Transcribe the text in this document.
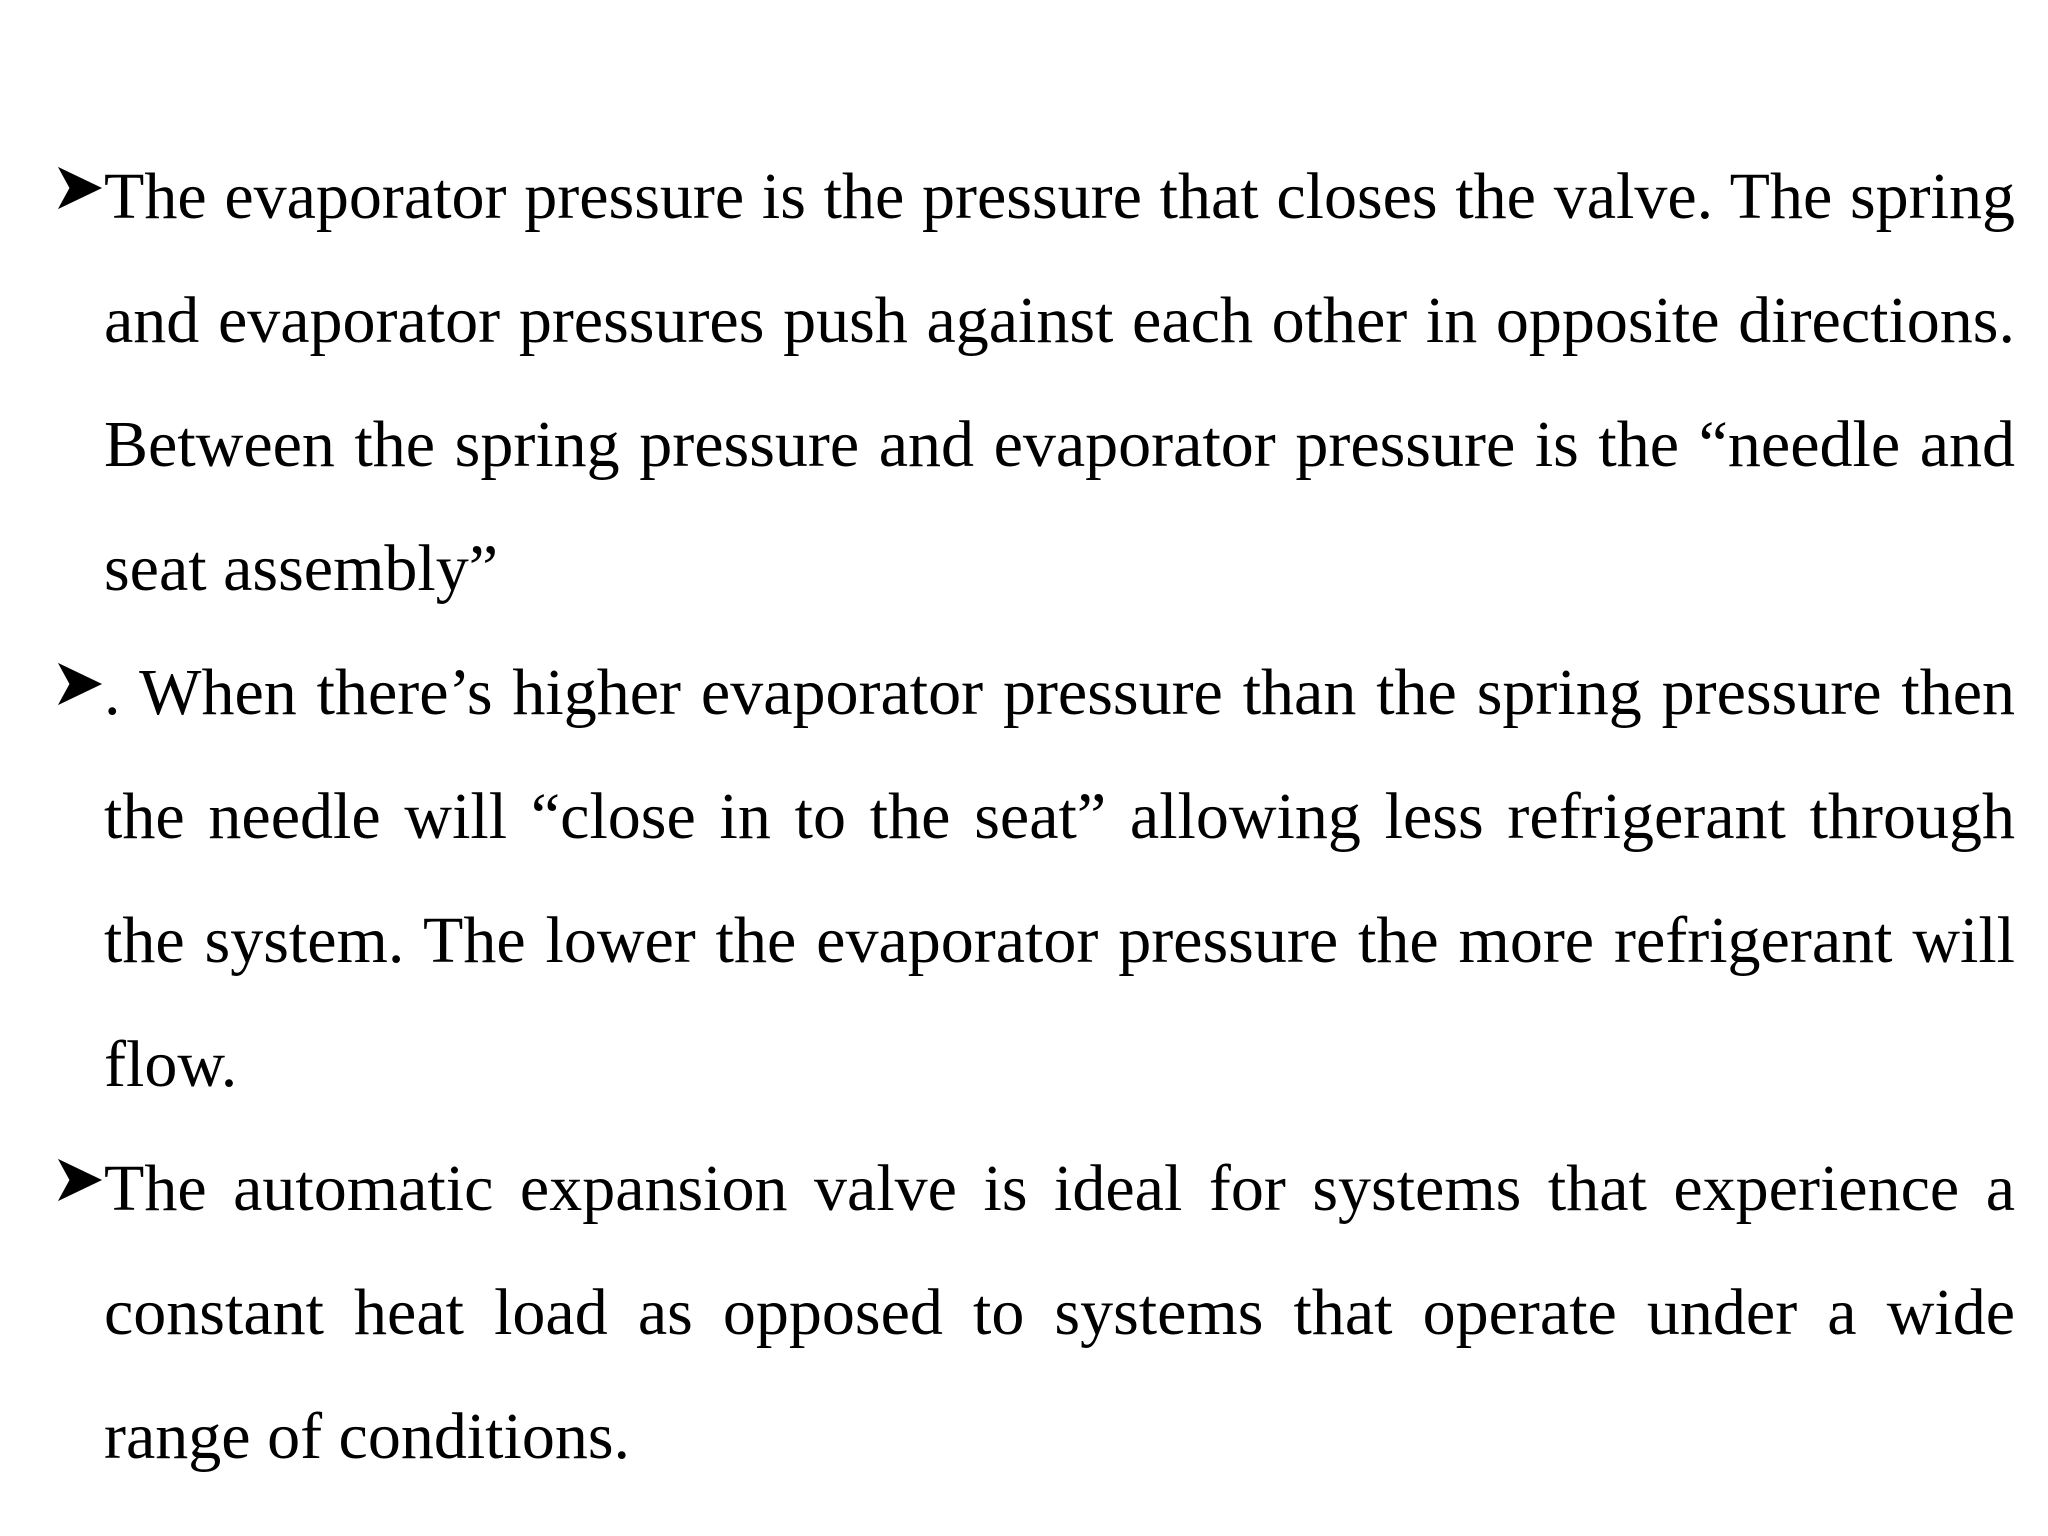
The evaporator pressure is the pressure that closes the valve. The spring and evaporator pressures push against each other in opposite directions. Between the spring pressure and evaporator pressure is the “needle and seat assembly”
. When there’s higher evaporator pressure than the spring pressure then the needle will “close in to the seat” allowing less refrigerant through the system. The lower the evaporator pressure the more refrigerant will flow.
The automatic expansion valve is ideal for systems that experience a constant heat load as opposed to systems that operate under a wide range of conditions.
